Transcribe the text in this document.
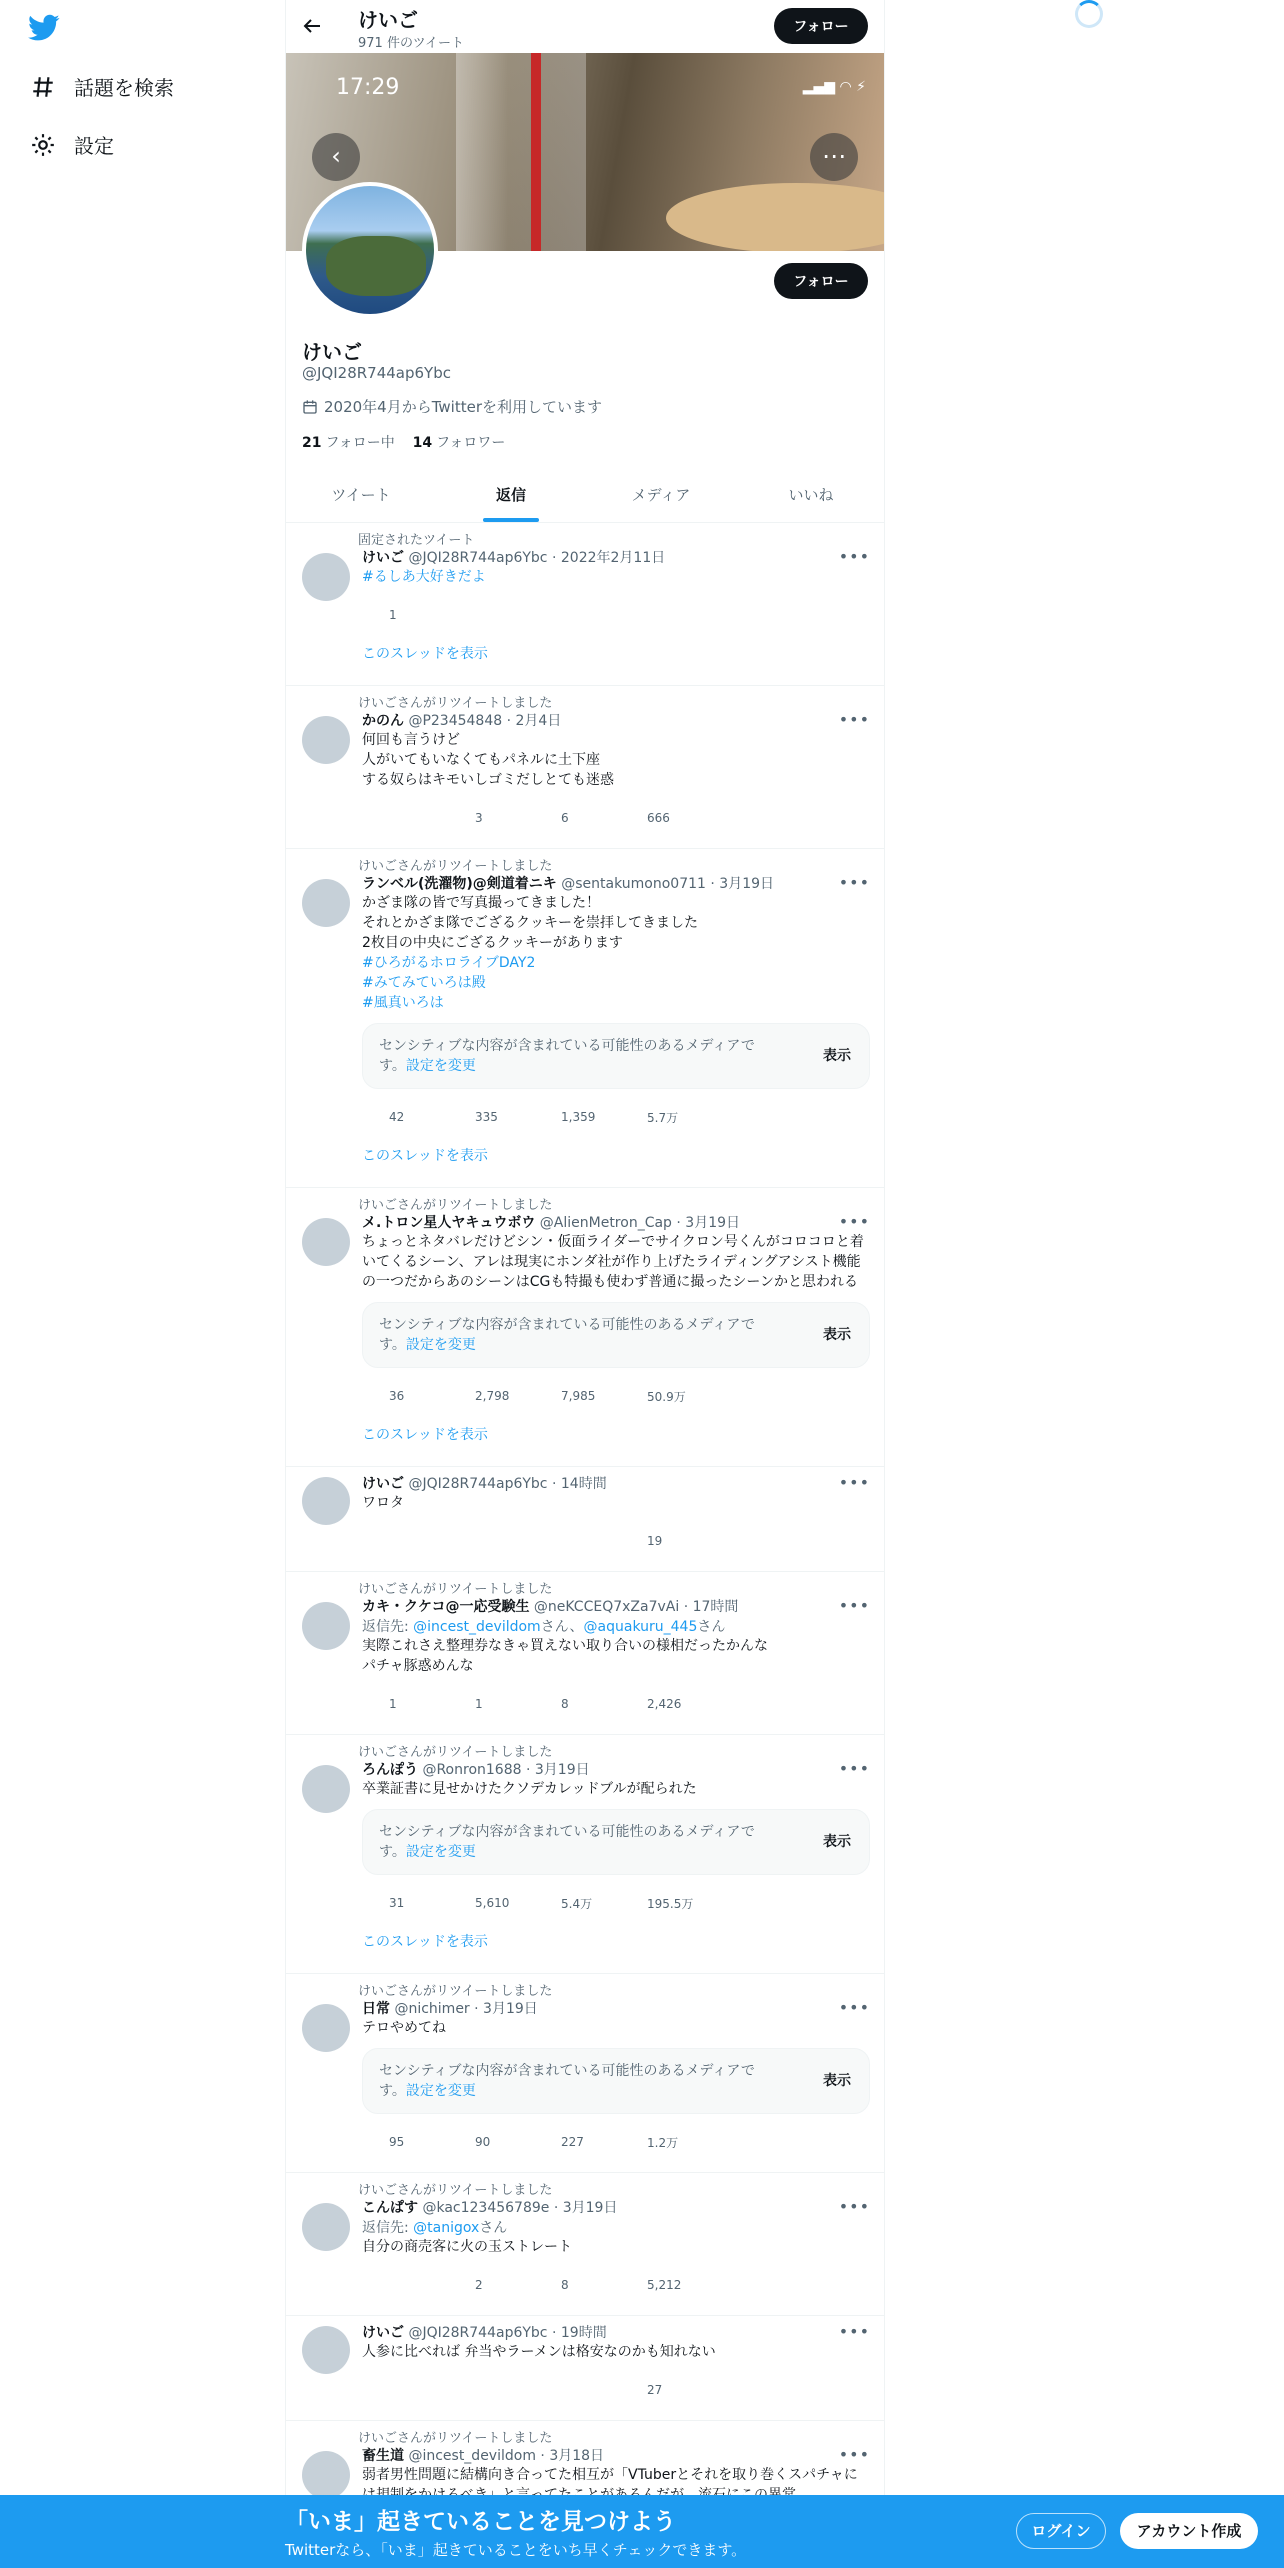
話題を検索
設定
けいご
971 件のツイート
フォロー
17:29	▂▄▆ ◠ ⚡
‹	⋯
フォロー
けいご
@JQI28R744ap6Ybc
2020年4月からTwitterを利用しています
21 フォロー中 14 フォロワー
ツイート	返信	メディア	いいね
固定されたツイート
けいご @JQI28R744ap6Ybc · 2022年2月11日	•••
#るしあ大好きだよ
1
このスレッドを表示
けいごさんがリツイートしました
かのん @P23454848 · 2月4日	•••
何回も言うけど
人がいてもいなくてもパネルに土下座
する奴らはキモいしゴミだしとても迷惑
3	6	666
けいごさんがリツイートしました
ランベル(洗濯物)@剣道着ニキ @sentakumono0711 · 3月19日	•••
かざま隊の皆で写真撮ってきました！
それとかざま隊でござるクッキーを崇拝してきました
2枚目の中央にござるクッキーがあります
#ひろがるホロライブDAY2
#みてみていろは殿
#風真いろは
センシティブな内容が含まれている可能性のあるメディアです。設定を変更
表示
42	335	1,359	5.7万
このスレッドを表示
けいごさんがリツイートしました
メ.トロン星人ヤキュウボウ @AlienMetron_Cap · 3月19日	•••
ちょっとネタバレだけどシン・仮面ライダーでサイクロン号くんがコロコロと着いてくるシーン、アレは現実にホンダ社が作り上げたライディングアシスト機能の一つだからあのシーンはCGも特撮も使わず普通に撮ったシーンかと思われる
センシティブな内容が含まれている可能性のあるメディアです。設定を変更
表示
36	2,798	7,985	50.9万
このスレッドを表示
けいご @JQI28R744ap6Ybc · 14時間	•••
ワロタ
19
けいごさんがリツイートしました
カキ・クケコ@一応受験生 @neKCCEQ7xZa7vAi · 17時間	•••
返信先: @incest_devildomさん、@aquakuru_445さん
実際これさえ整理券なきゃ買えない取り合いの様相だったかんな
パチャ豚惑めんな
1	1	8	2,426
けいごさんがリツイートしました
ろんぽう @Ronron1688 · 3月19日	•••
卒業証書に見せかけたクソデカレッドブルが配られた
センシティブな内容が含まれている可能性のあるメディアです。設定を変更
表示
31	5,610	5.4万	195.5万
このスレッドを表示
けいごさんがリツイートしました
日常 @nichimer · 3月19日	•••
テロやめてね
センシティブな内容が含まれている可能性のあるメディアです。設定を変更
表示
95	90	227	1.2万
けいごさんがリツイートしました
こんぱす @kac123456789e · 3月19日	•••
返信先: @tanigoxさん
自分の商売客に火の玉ストレート
2	8	5,212
けいご @JQI28R744ap6Ybc · 19時間	•••
人参に比べれば 弁当やラーメンは格安なのかも知れない
27
けいごさんがリツイートしました
畜生道 @incest_devildom · 3月18日	•••
弱者男性問題に結構向き合ってた相互が「VTuberとそれを取り巻くスパチャに
「いま」起きていることを見つけよう
Twitterなら、「いま」起きていることをいち早くチェックできます。
ログイン	アカウント作成
